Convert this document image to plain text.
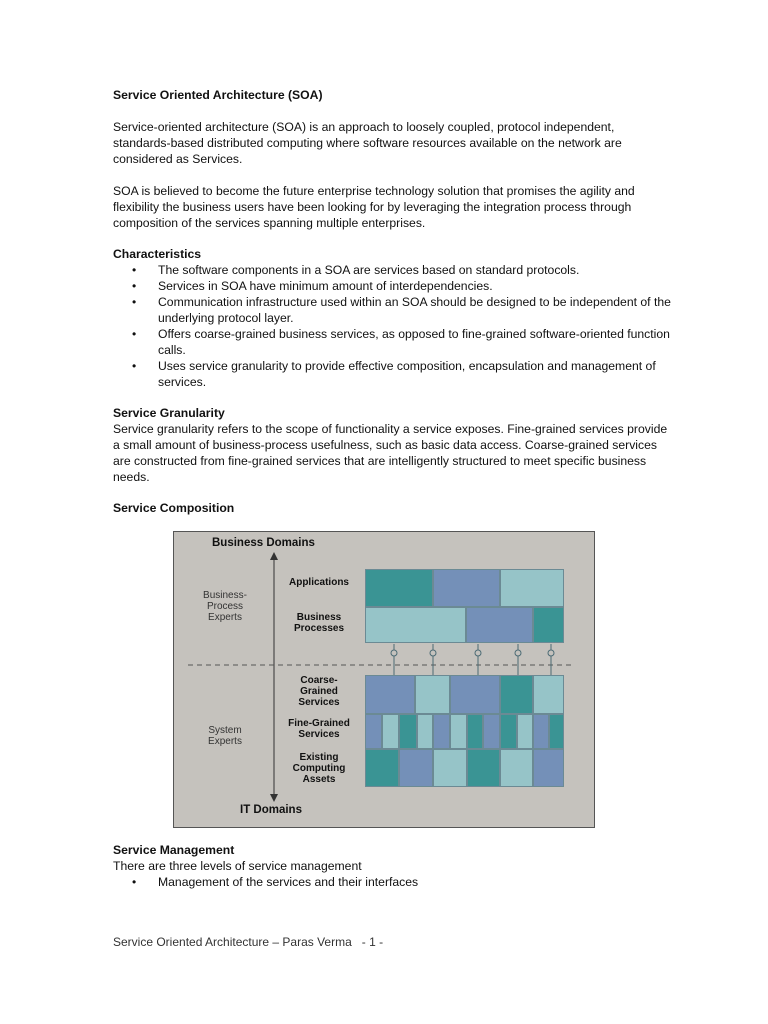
Service Oriented Architecture (SOA)
Service-oriented architecture (SOA) is an approach to loosely coupled, protocol independent, standards-based distributed computing where software resources available on the network are considered as Services.
SOA is believed to become the future enterprise technology solution that promises the agility and flexibility the business users have been looking for by leveraging the integration process through composition of the services spanning multiple enterprises.
Characteristics
• The software components in a SOA are services based on standard protocols.
• Services in SOA have minimum amount of interdependencies.
• Communication infrastructure used within an SOA should be designed to be independent of the underlying protocol layer.
• Offers coarse-grained business services, as opposed to fine-grained software-oriented function calls.
• Uses service granularity to provide effective composition, encapsulation and management of services.
Service Granularity
Service granularity refers to the scope of functionality a service exposes. Fine-grained services provide a small amount of business-process usefulness, such as basic data access. Coarse-grained services are constructed from fine-grained services that are intelligently structured to meet specific business needs.
Service Composition
Business Domains
IT Domains
Business-
Process
Experts
System
Experts
Applications
Business
Processes
Coarse-
Grained
Services
Fine-Grained
Services
Existing
Computing
Assets
Service Management
There are three levels of service management
• Management of the services and their interfaces
Service Oriented Architecture – Paras Verma   - 1 -
